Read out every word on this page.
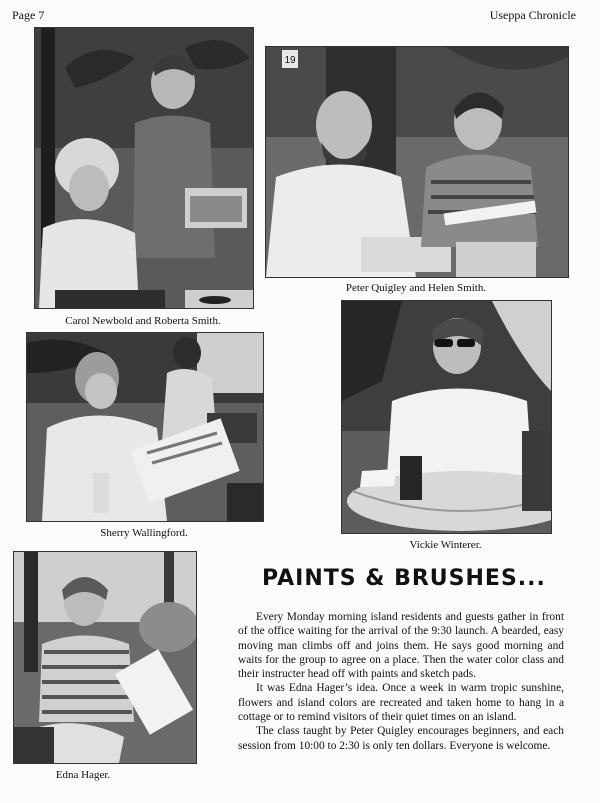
Page 7	Useppa Chronicle
Carol Newbold and Roberta Smith.
19
Peter Quigley and Helen Smith.
Sherry Wallingford.
Vickie Winterer.
Edna Hager.
PAINTS & BRUSHES...

Every Monday morning island residents and guests gather in front of the office waiting for the arrival of the 9:30 launch. A bearded, easy moving man climbs off and joins them. He says good morning and waits for the group to agree on a place. Then the water color class and their instructer head off with paints and sketch pads.

It was Edna Hager’s idea. Once a week in warm tropic sunshine, flowers and island colors are recreated and taken home to hang in a cottage or to remind visitors of their quiet times on an island.

The class taught by Peter Quigley encourages beginners, and each session from 10:00 to 2:30 is only ten dollars. Everyone is welcome.
